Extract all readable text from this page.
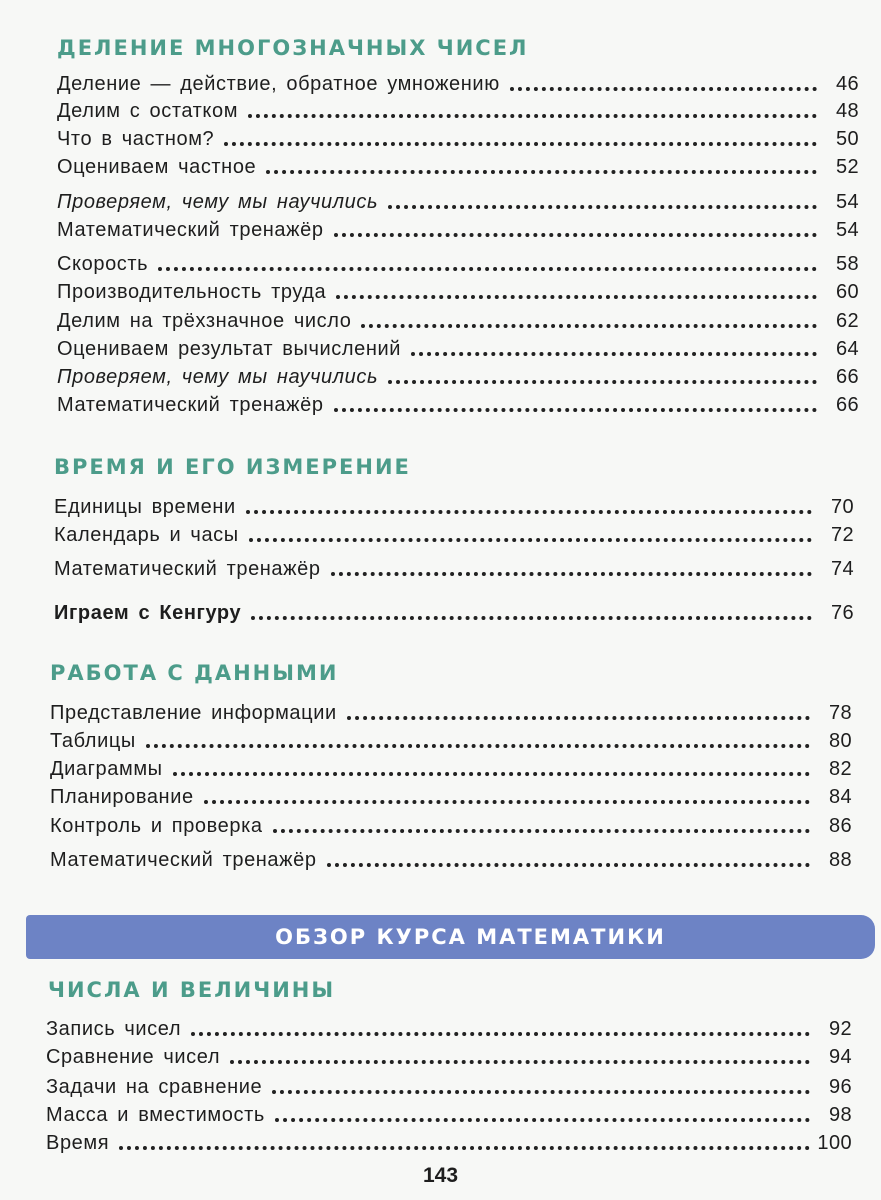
ДЕЛЕНИЕ МНОГОЗНАЧНЫХ ЧИСЕЛ
Деление — действие, обратное умножению	46
Делим с остатком	48
Что в частном?	50
Оцениваем частное	52
Проверяем, чему мы научились	54
Математический тренажёр	54
Скорость	58
Производительность труда	60
Делим на трёхзначное число	62
Оцениваем результат вычислений	64
Проверяем, чему мы научились	66
Математический тренажёр	66
ВРЕМЯ И ЕГО ИЗМЕРЕНИЕ
Единицы времени	70
Календарь и часы	72
Математический тренажёр	74
Играем с Кенгуру	76
РАБОТА С ДАННЫМИ
Представление информации	78
Таблицы	80
Диаграммы	82
Планирование	84
Контроль и проверка	86
Математический тренажёр	88
ОБЗОР КУРСА МАТЕМАТИКИ
ЧИСЛА И ВЕЛИЧИНЫ
Запись чисел	92
Сравнение чисел	94
Задачи на сравнение	96
Масса и вместимость	98
Время	100
143
